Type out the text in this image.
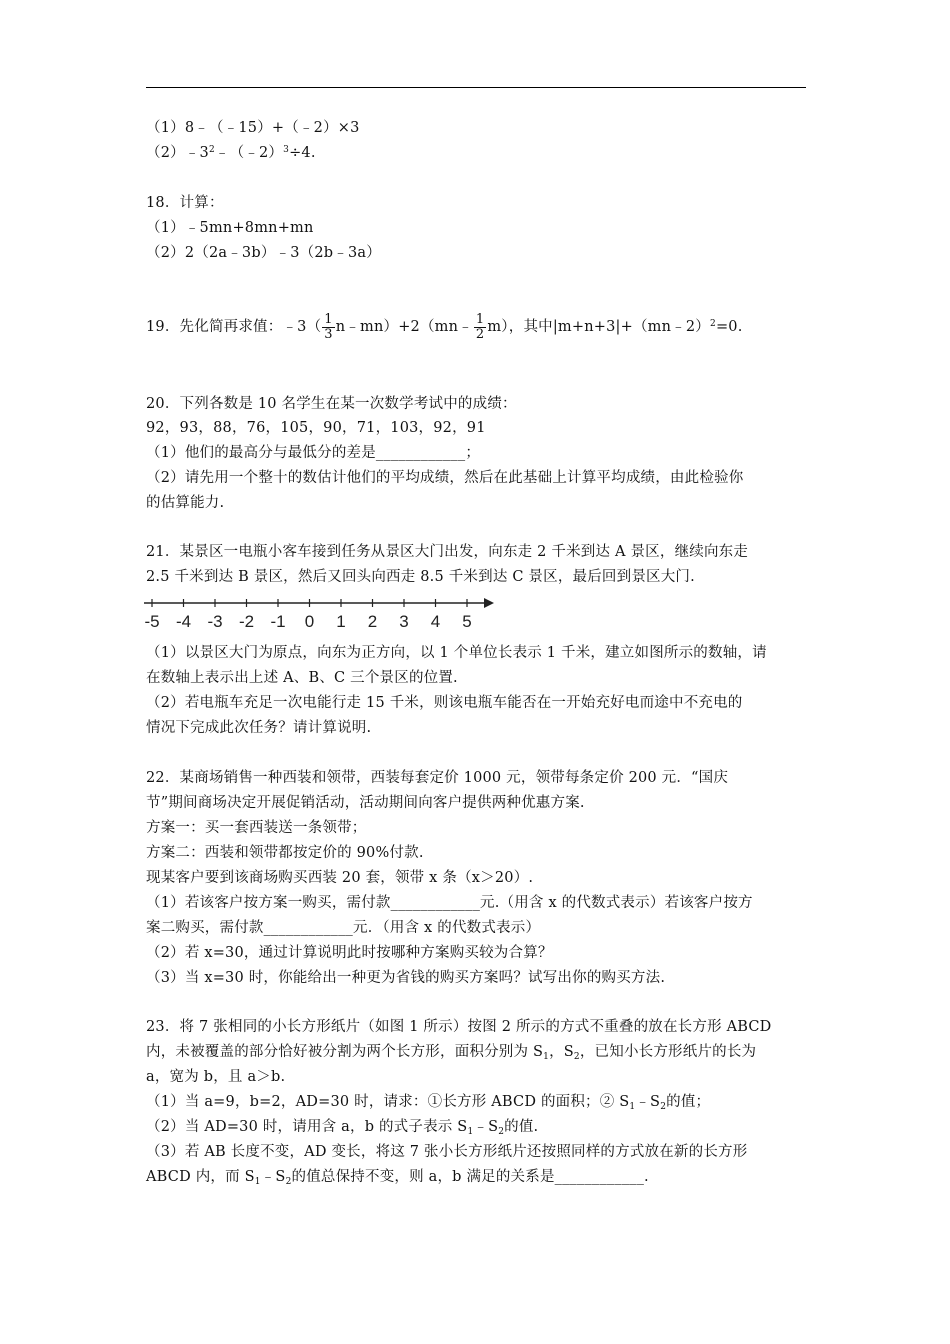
（1）8﹣（﹣15）+（﹣2）×3
$(2)﹣3^2﹣(﹣2)^3\div 4$.
18．计算：
（1）﹣5mn+8mn+mn
（2）2（2a﹣3b）﹣3（2b﹣3a）
19．先化简再求值：﹣3（ $\frac{1}{3}$ n﹣mn）+2（mn﹣ $\frac{1}{2} m$），其中|m+n+3|+（mn﹣2）$^2$=0.
20．下列各数是 10 名学生在某一次数学考试中的成绩：
92，93，88，76，105，90，71，103，92，91
（1）他们的最高分与最低分的差是____________；
（2）请先用一个整十的数估计他们的平均成绩，然后在此基础上计算平均成绩，由此检验你
的估算能力.
21．某景区一电瓶小客车接到任务从景区大门出发，向东走 2 千米到达 A 景区，继续向东走
2.5 千米到达 B 景区，然后又回头向西走 8.5 千米到达 C 景区，最后回到景区大门.
-5 -4 -3 -2 -1 0 1 2 3 4 5
（1）以景区大门为原点，向东为正方向，以 1 个单位长表示 1 千米，建立如图所示的数轴，请
在数轴上表示出上述 A、B、C 三个景区的位置.
（2）若电瓶车充足一次电能行走 15 千米，则该电瓶车能否在一开始充好电而途中不充电的
情况下完成此次任务？请计算说明.
22．某商场销售一种西装和领带，西装每套定价 1000 元，领带每条定价 200 元．“国庆
节”期间商场决定开展促销活动，活动期间向客户提供两种优惠方案.
方案一：买一套西装送一条领带；
方案二：西装和领带都按定价的 90%付款.
现某客户要到该商场购买西装 20 套，领带 x 条（x＞20）.
（1）若该客户按方案一购买，需付款____________元.（用含 x 的代数式表示）若该客户按方
案二购买，需付款____________元．（用含 x 的代数式表示）
（2）若 x=30，通过计算说明此时按哪种方案购买较为合算？
（3）当 x=30 时，你能给出一种更为省钱的购买方案吗？试写出你的购买方法.
23．将 7 张相同的小长方形纸片（如图 1 所示）按图 2 所示的方式不重叠的放在长方形 ABCD
内，未被覆盖的部分恰好被分割为两个长方形，面积分别为 $S_1$，$S_2$，已知小长方形纸片的长为
a，宽为 b，且 a＞b.
（1）当 a=9，b=2，AD=30 时，请求：①长方形 ABCD 的面积；② $S_1﹣S_2$的值；
（2）当 AD=30 时，请用含 a，b 的式子表示 $S_1﹣S_2$的值.
（3）若 AB 长度不变，AD 变长，将这 7 张小长方形纸片还按照同样的方式放在新的长方形
ABCD 内，而 $S_1﹣S_2$的值总保持不变，则 a，b 满足的关系是____________.
